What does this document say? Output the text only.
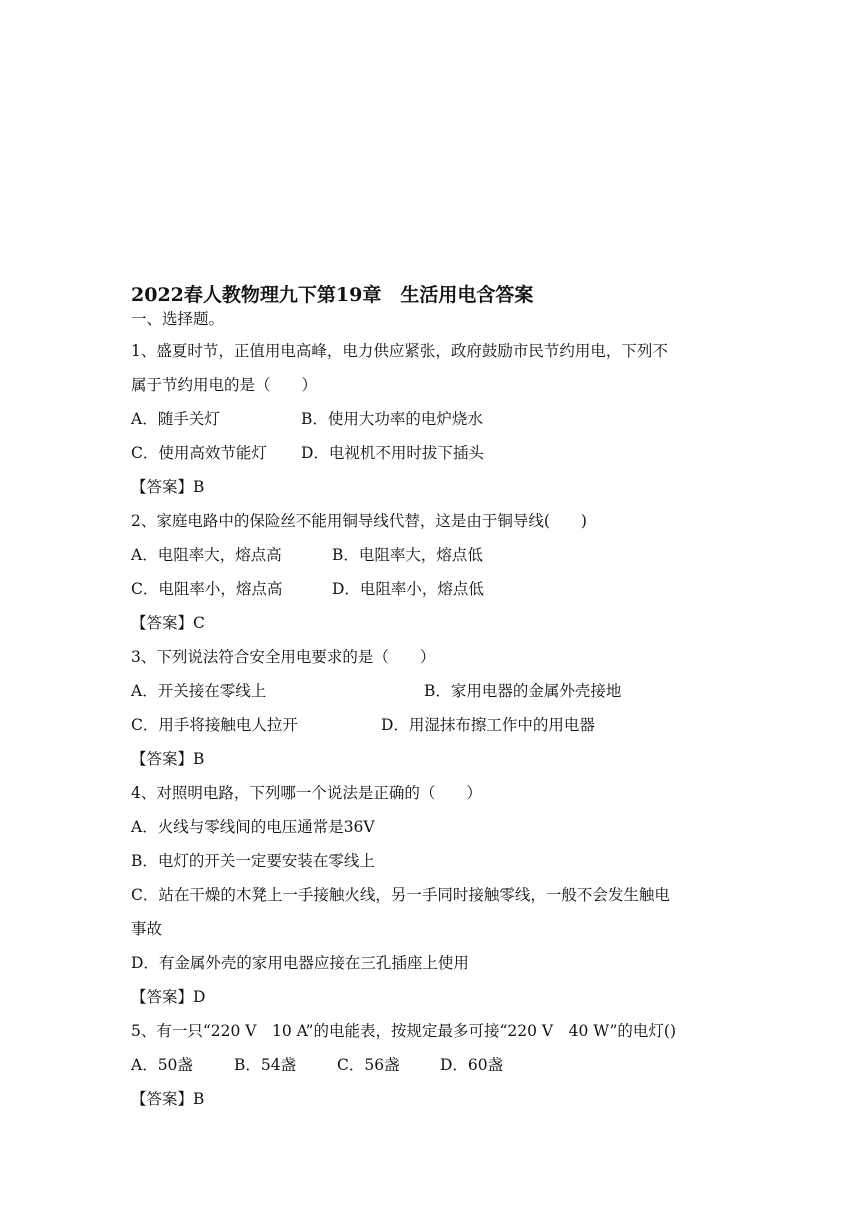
2022春人教物理九下第19章　生活用电含答案
一、选择题。
1、盛夏时节，正值用电高峰，电力供应紧张，政府鼓励市民节约用电，下列不
属于节约用电的是（　　）
A．随手关灯	B．使用大功率的电炉烧水
C．使用高效节能灯 D．电视机不用时拔下插头
【答案】B
2、家庭电路中的保险丝不能用铜导线代替，这是由于铜导线(　　)
A．电阻率大，熔点高	B．电阻率大，熔点低
C．电阻率小，熔点高	D．电阻率小，熔点低
【答案】C
3、下列说法符合安全用电要求的是（　　）
A．开关接在零线上	B．家用电器的金属外壳接地
C．用手将接触电人拉开	D．用湿抹布擦工作中的用电器
【答案】B
4、对照明电路，下列哪一个说法是正确的（　　）
A．火线与零线间的电压通常是36V
B．电灯的开关一定要安装在零线上
C．站在干燥的木凳上一手接触火线，另一手同时接触零线，一般不会发生触电
事故
D．有金属外壳的家用电器应接在三孔插座上使用
【答案】D
5、有一只“220 V　10 A”的电能表，按规定最多可接“220 V　40 W”的电灯()
A．50盏	B．54盏	C．56盏	D．60盏
【答案】B
